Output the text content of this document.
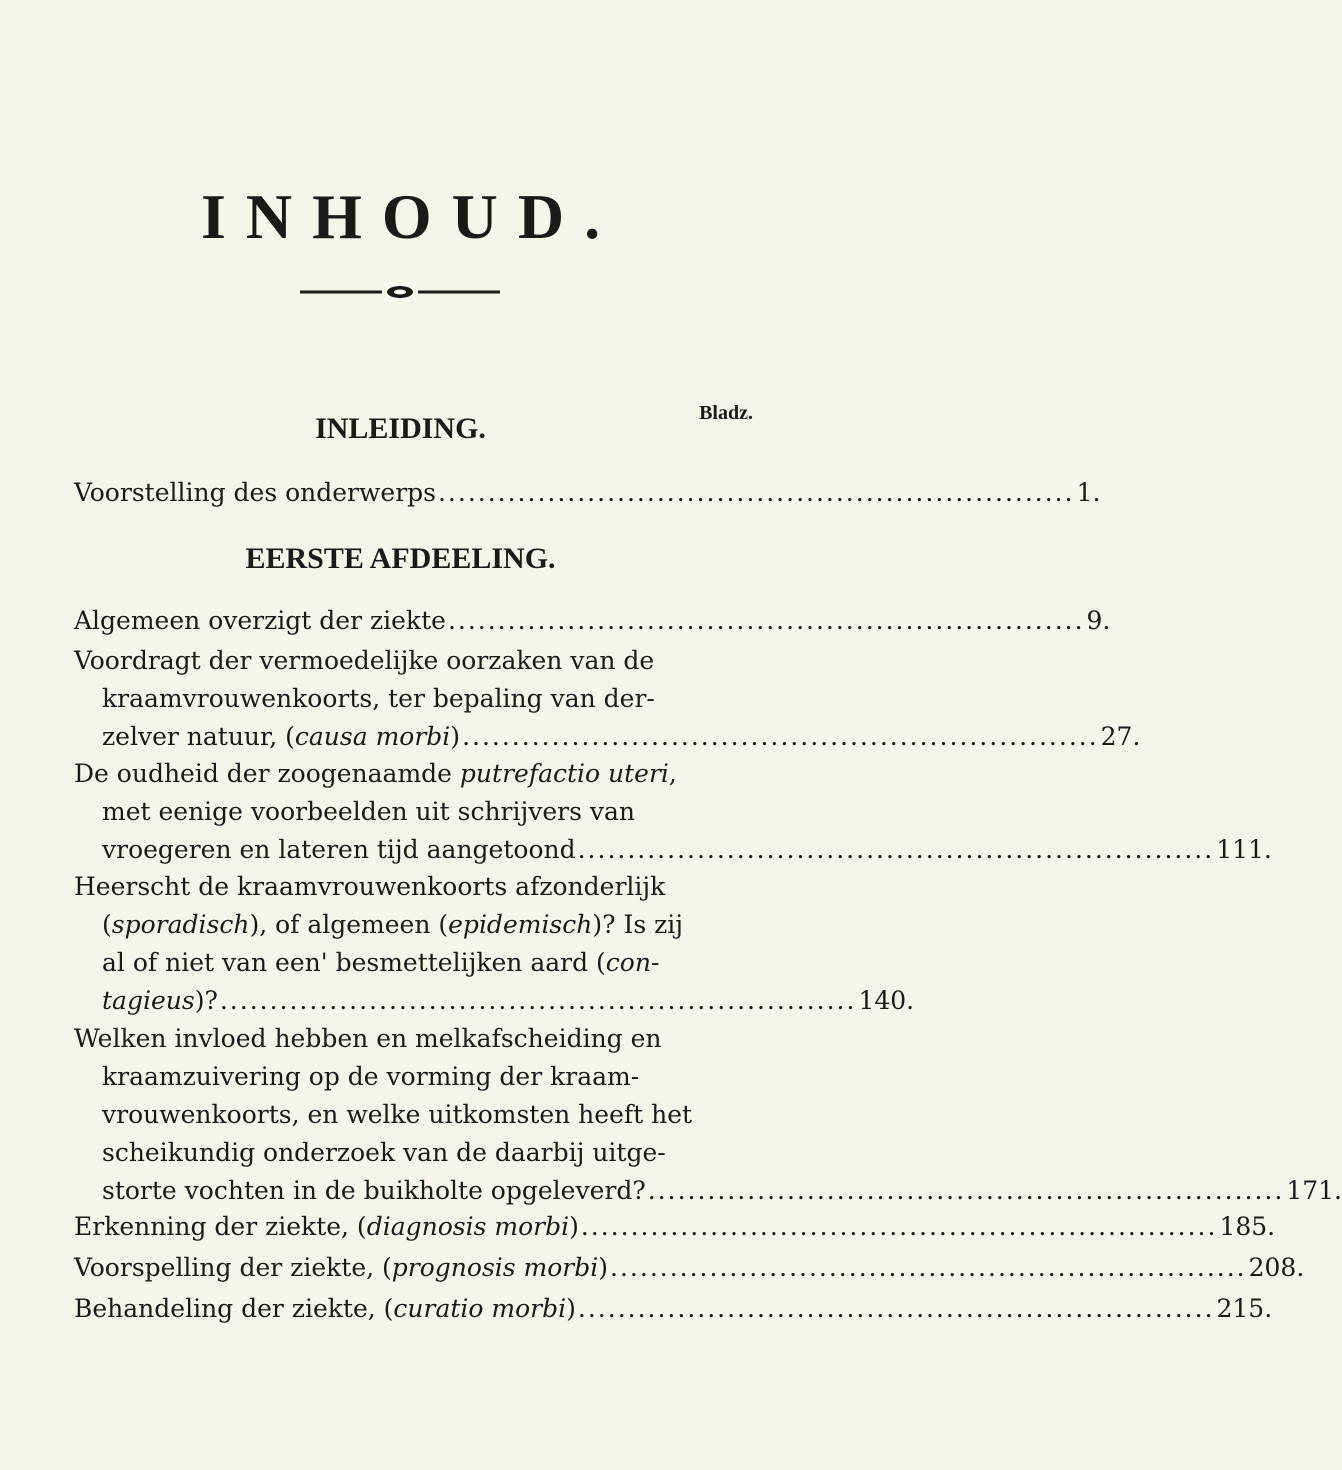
INHOUD.
Bladz.
INLEIDING.
EERSTE AFDEELING.
Voorstelling des onderwerps ................................................................ 1.
Algemeen overzigt der ziekte ................................................................ 9.
Voordragt der vermoedelijke oorzaken van de
kraamvrouwenkoorts, ter bepaling van der-
zelver natuur, (causa morbi) ................................................................ 27.
De oudheid der zoogenaamde putrefactio uteri,
met eenige voorbeelden uit schrijvers van
vroegeren en lateren tijd aangetoond ................................................................ 111.
Heerscht de kraamvrouwenkoorts afzonderlijk
(sporadisch), of algemeen (epidemisch)? Is zij
al of niet van een' besmettelijken aard (con-
tagieus)? ................................................................ 140.
Welken invloed hebben en melkafscheiding en
kraamzuivering op de vorming der kraam-
vrouwenkoorts, en welke uitkomsten heeft het
scheikundig onderzoek van de daarbij uitge-
storte vochten in de buikholte opgeleverd? ................................................................ 171.
Erkenning der ziekte, (diagnosis morbi) ................................................................ 185.
Voorspelling der ziekte, (prognosis morbi) ................................................................ 208.
Behandeling der ziekte, (curatio morbi) ................................................................ 215.
